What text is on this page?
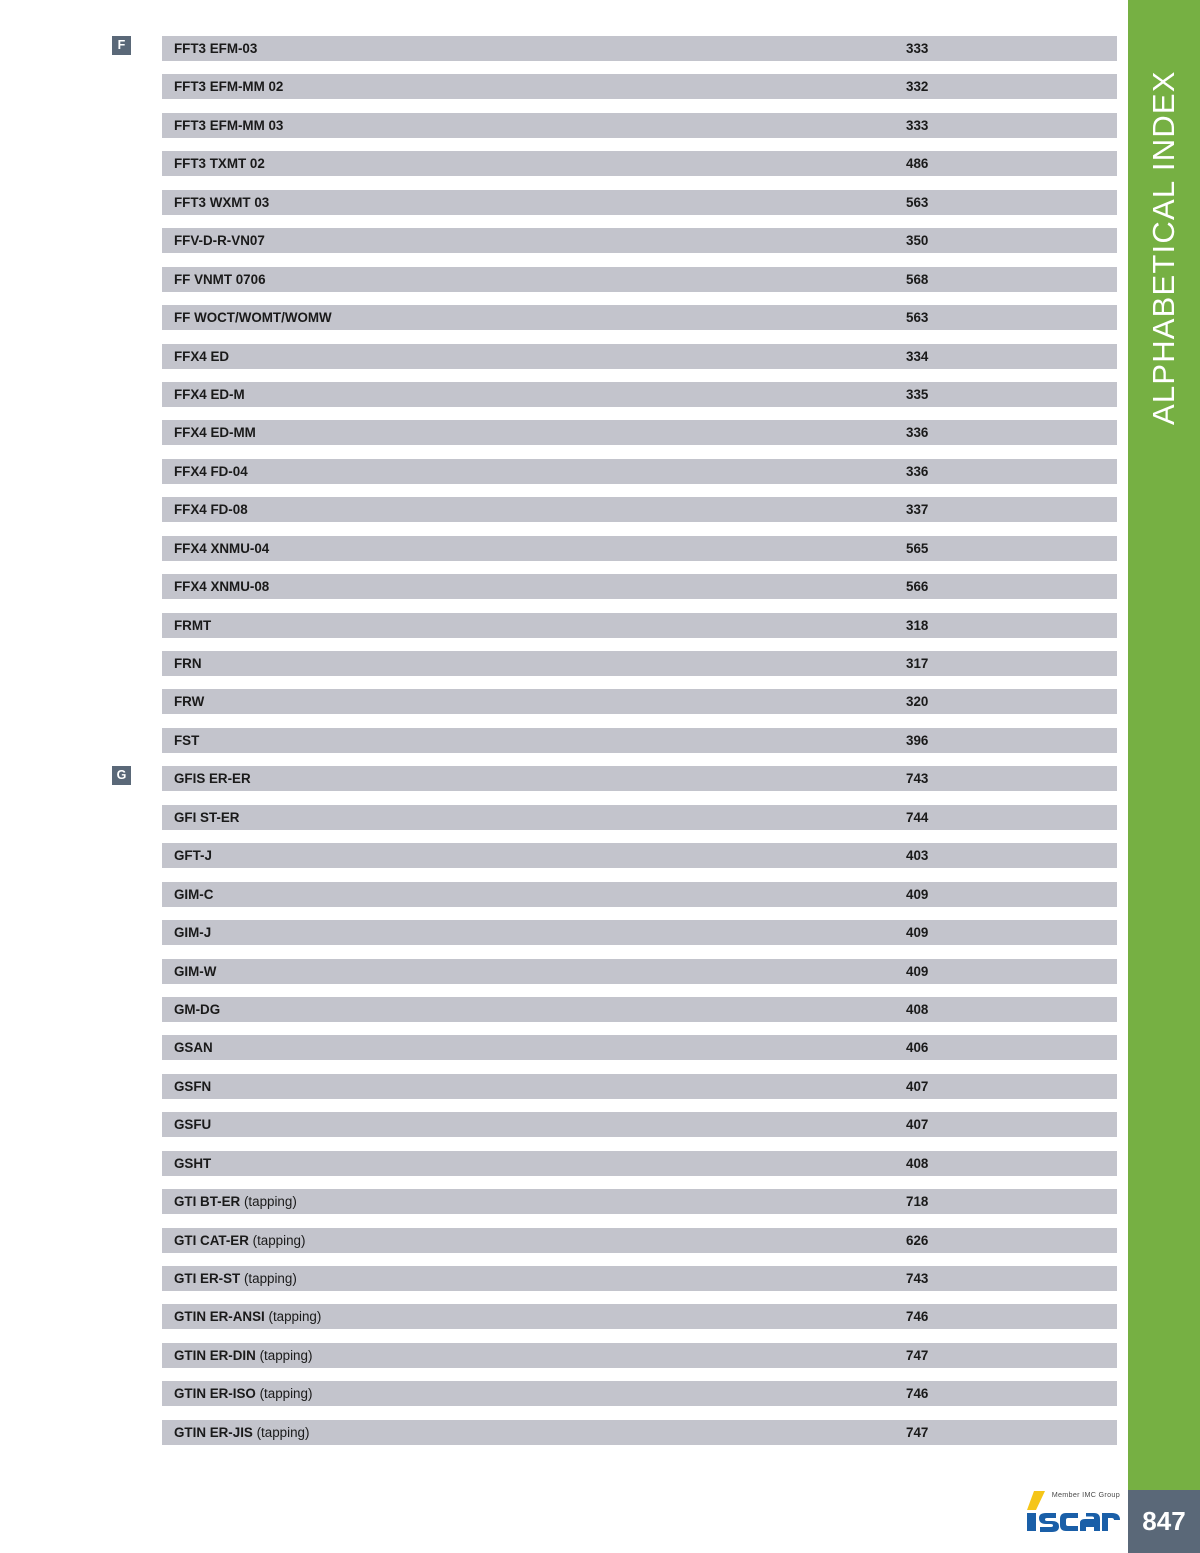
F	FFT3 EFM-03	333
FFT3 EFM-MM 02	332
FFT3 EFM-MM 03	333
FFT3 TXMT 02	486
FFT3 WXMT 03	563
FFV-D-R-VN07	350
FF VNMT 0706	568
FF WOCT/WOMT/WOMW	563
FFX4 ED	334
FFX4 ED-M	335
FFX4 ED-MM	336
FFX4 FD-04	336
FFX4 FD-08	337
FFX4 XNMU-04	565
FFX4 XNMU-08	566
FRMT	318
FRN	317
FRW	320
FST	396
G	GFIS ER-ER	743
GFI ST-ER	744
GFT-J	403
GIM-C	409
GIM-J	409
GIM-W	409
GM-DG	408
GSAN	406
GSFN	407
GSFU	407
GSHT	408
GTI BT-ER (tapping)	718
GTI CAT-ER (tapping)	626
GTI ER-ST (tapping)	743
GTIN ER-ANSI (tapping)	746
GTIN ER-DIN (tapping)	747
GTIN ER-ISO (tapping)	746
GTIN ER-JIS (tapping)	747
ALPHABETICAL INDEX
847
Member IMC Group
